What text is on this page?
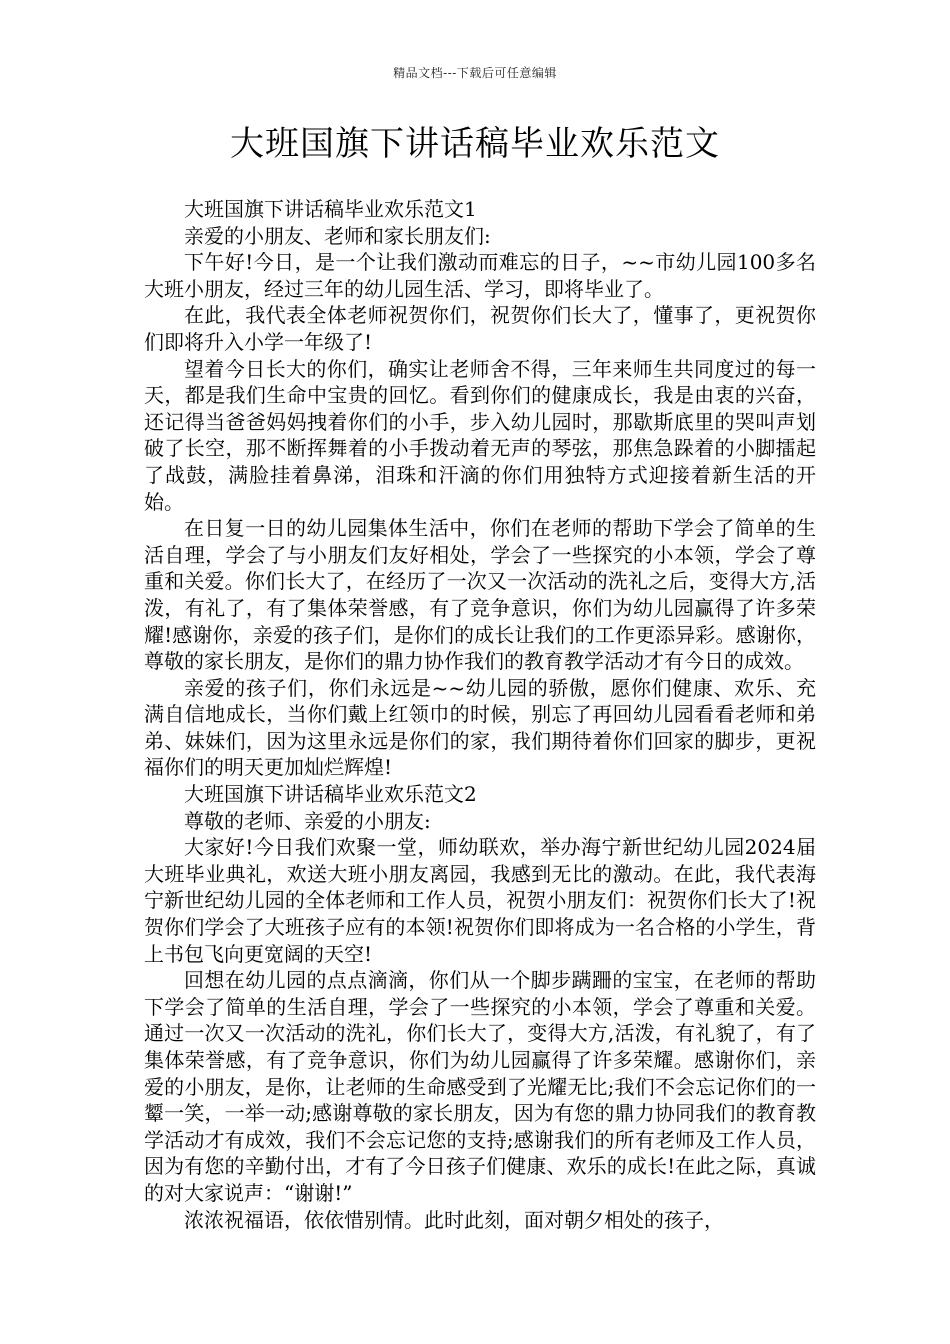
精品文档---下载后可任意编辑
大班国旗下讲话稿毕业欢乐范文

大班国旗下讲话稿毕业欢乐范文1

亲爱的小朋友、老师和家长朋友们:

下午好!今日，是一个让我们激动而难忘的日子，~~市幼儿园100多名大班小朋友，经过三年的幼儿园生活、学习，即将毕业了。

在此，我代表全体老师祝贺你们，祝贺你们长大了，懂事了，更祝贺你们即将升入小学一年级了!

望着今日长大的你们，确实让老师舍不得，三年来师生共同度过的每一天，都是我们生命中宝贵的回忆。看到你们的健康成长，我是由衷的兴奋，还记得当爸爸妈妈拽着你们的小手，步入幼儿园时，那歇斯底里的哭叫声划破了长空，那不断挥舞着的小手拨动着无声的琴弦，那焦急跺着的小脚擂起了战鼓，满脸挂着鼻涕，泪珠和汗滴的你们用独特方式迎接着新生活的开始。

在日复一日的幼儿园集体生活中，你们在老师的帮助下学会了简单的生活自理，学会了与小朋友们友好相处，学会了一些探究的小本领，学会了尊重和关爱。你们长大了，在经历了一次又一次活动的洗礼之后，变得大方,活泼，有礼了，有了集体荣誉感，有了竞争意识，你们为幼儿园赢得了许多荣耀!感谢你，亲爱的孩子们，是你们的成长让我们的工作更添异彩。感谢你，尊敬的家长朋友，是你们的鼎力协作我们的教育教学活动才有今日的成效。

亲爱的孩子们，你们永远是~~幼儿园的骄傲，愿你们健康、欢乐、充满自信地成长，当你们戴上红领巾的时候，别忘了再回幼儿园看看老师和弟弟、妹妹们，因为这里永远是你们的家，我们期待着你们回家的脚步，更祝福你们的明天更加灿烂辉煌!

大班国旗下讲话稿毕业欢乐范文2

尊敬的老师、亲爱的小朋友:

大家好!今日我们欢聚一堂，师幼联欢，举办海宁新世纪幼儿园2024届大班毕业典礼，欢送大班小朋友离园，我感到无比的激动。在此，我代表海宁新世纪幼儿园的全体老师和工作人员，祝贺小朋友们：祝贺你们长大了!祝贺你们学会了大班孩子应有的本领!祝贺你们即将成为一名合格的小学生，背上书包飞向更宽阔的天空!

回想在幼儿园的点点滴滴，你们从一个脚步蹒跚的宝宝，在老师的帮助下学会了简单的生活自理，学会了一些探究的小本领，学会了尊重和关爱。通过一次又一次活动的洗礼，你们长大了，变得大方,活泼，有礼貌了，有了集体荣誉感，有了竞争意识，你们为幼儿园赢得了许多荣耀。感谢你们，亲爱的小朋友，是你，让老师的生命感受到了光耀无比;我们不会忘记你们的一颦一笑，一举一动;感谢尊敬的家长朋友，因为有您的鼎力协同我们的教育教学活动才有成效，我们不会忘记您的支持;感谢我们的所有老师及工作人员，因为有您的辛勤付出，才有了今日孩子们健康、欢乐的成长!在此之际，真诚的对大家说声：“谢谢!”

浓浓祝福语，依依惜别情。此时此刻，面对朝夕相处的孩子，
